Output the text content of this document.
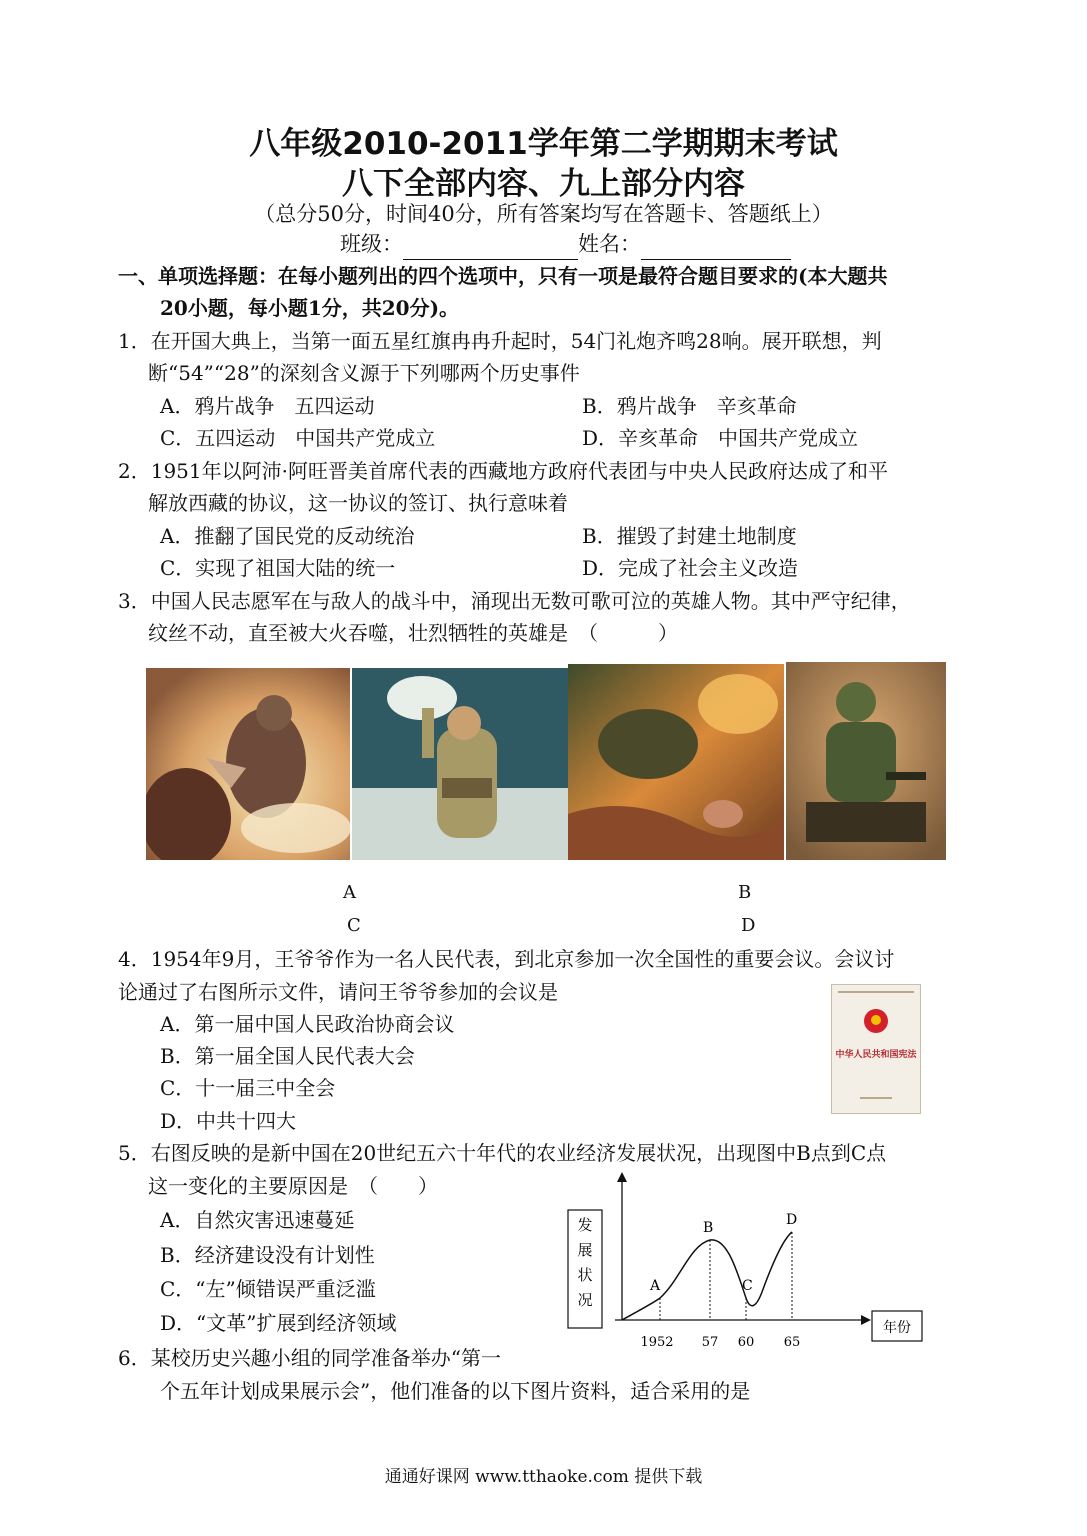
八年级2010-2011学年第二学期期末考试
八下全部内容、九上部分内容
（总分50分，时间40分，所有答案均写在答题卡、答题纸上）
班级：	姓名：
一、单项选择题：在每小题列出的四个选项中，只有一项是最符合题目要求的(本大题共
20小题，每小题1分，共20分)。
1．在开国大典上，当第一面五星红旗冉冉升起时，54门礼炮齐鸣28响。展开联想，判
断“54”“28”的深刻含义源于下列哪两个历史事件
A．鸦片战争　五四运动	B．鸦片战争　辛亥革命
C．五四运动　中国共产党成立	D．辛亥革命　中国共产党成立
2．1951年以阿沛·阿旺晋美首席代表的西藏地方政府代表团与中央人民政府达成了和平
解放西藏的协议，这一协议的签订、执行意味着
A．推翻了国民党的反动统治	B．摧毁了封建土地制度
C．实现了祖国大陆的统一	D．完成了社会主义改造
3．中国人民志愿军在与敌人的战斗中，涌现出无数可歌可泣的英雄人物。其中严守纪律，
纹丝不动，直至被大火吞噬，壮烈牺牲的英雄是　（　　　）
A	B
C	D
4．1954年9月，王爷爷作为一名人民代表，到北京参加一次全国性的重要会议。会议讨
论通过了右图所示文件，请问王爷爷参加的会议是
A．第一届中国人民政治协商会议
B．第一届全国人民代表大会
C．十一届三中全会
D．中共十四大
中华人民共和国宪法
5．右图反映的是新中国在20世纪五六十年代的农业经济发展状况，出现图中B点到C点
这一变化的主要原因是　（　　）
A．自然灾害迅速蔓延
B．经济建设没有计划性
C．“左”倾错误严重泛滥
D．“文革”扩展到经济领域
发
展
状
况
年份
A
B
C
D
1952 57 60 65
6．某校历史兴趣小组的同学准备举办“第一
个五年计划成果展示会”，他们准备的以下图片资料，适合采用的是
通通好课网 www.tthaoke.com 提供下载
